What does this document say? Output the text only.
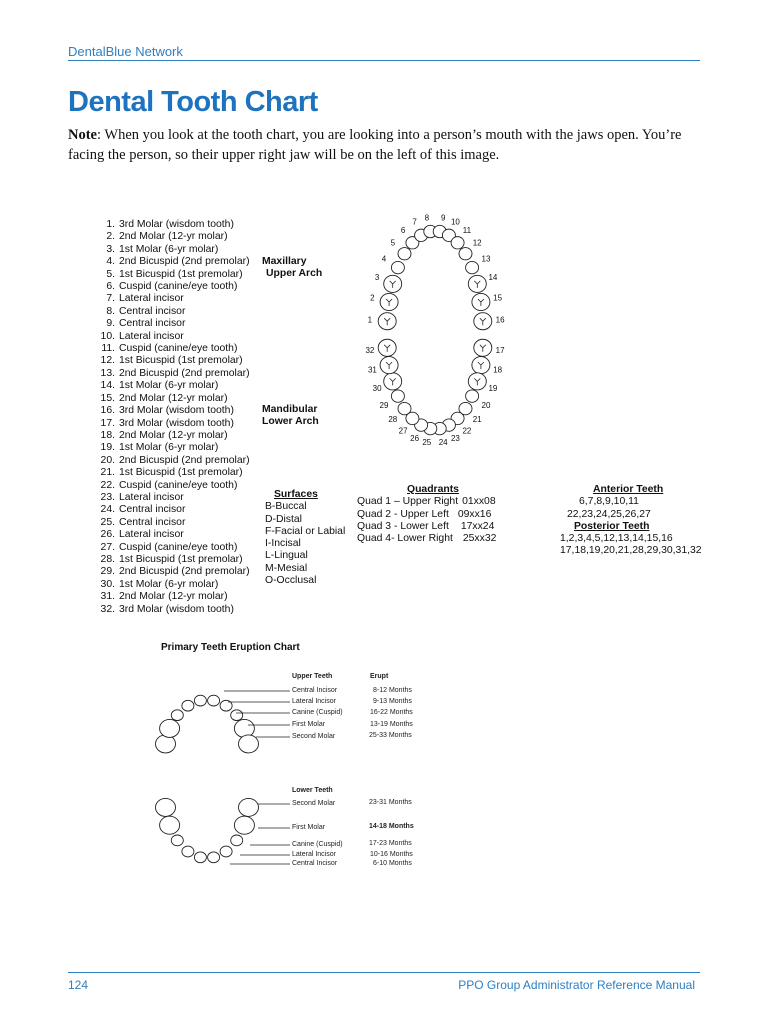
DentalBlue Network
Dental Tooth Chart
Note: When you look at the tooth chart, you are looking into a person’s mouth with the jaws open. You’re facing the person, so their upper right jaw will be on the left of this image.
1. 3rd Molar (wisdom tooth)
2. 2nd Molar (12-yr molar)
3. 1st Molar (6-yr molar)
4. 2nd Bicuspid (2nd premolar)
5. 1st Bicuspid (1st premolar)
6. Cuspid (canine/eye tooth)
7. Lateral incisor
8. Central incisor
9. Central incisor
10. Lateral incisor
11. Cuspid (canine/eye tooth)
12. 1st Bicuspid (1st premolar)
13. 2nd Bicuspid (2nd premolar)
14. 1st Molar (6-yr molar)
15. 2nd Molar (12-yr molar)
16. 3rd Molar (wisdom tooth)
17. 3rd Molar (wisdom tooth)
18. 2nd Molar (12-yr molar)
19. 1st Molar (6-yr molar)
20. 2nd Bicuspid (2nd premolar)
21. 1st Bicuspid (1st premolar)
22. Cuspid (canine/eye tooth)
23. Lateral incisor
24. Central incisor
25. Central incisor
26. Lateral incisor
27. Cuspid (canine/eye tooth)
28. 1st Bicuspid (1st premolar)
29. 2nd Bicuspid (2nd premolar)
30. 1st Molar (6-yr molar)
31. 2nd Molar (12-yr molar)
32. 3rd Molar (wisdom tooth)
Maxillary
Upper Arch
Mandibular
Lower Arch
1
2
3
4
5
6
7 8 9 10
11
12
13
14
15
16
17
18
19
20
21
22
23
24
25
26
27
28
29
30
31
32
Surfaces
B-Buccal
D-Distal
F-Facial or Labial
I-Incisal
L-Lingual
M-Mesial
O-Occlusal
Quadrants
Quad 1 – Upper Right 01xx08
Quad 2 - Upper Left 09xx16
Quad 3 - Lower Left 17xx24
Quad 4- Lower Right 25xx32
Anterior Teeth
6,7,8,9,10,11
22,23,24,25,26,27
Posterior Teeth
1,2,3,4,5,12,13,14,15,16
17,18,19,20,21,28,29,30,31,32
Primary Teeth Eruption Chart
Upper Teeth	Erupt
Central Incisor	8-12 Months
Lateral Incisor	9-13 Months
Canine (Cuspid)	16-22 Months
First Molar	13-19 Months
Second Molar	25-33 Months
Lower Teeth
Second Molar	23-31 Months
First Molar	14-18 Months
Canine (Cuspid)	17-23 Months
Lateral Incisor	10-16 Months
Central Incisor	6-10 Months
124	PPO Group Administrator Reference Manual
